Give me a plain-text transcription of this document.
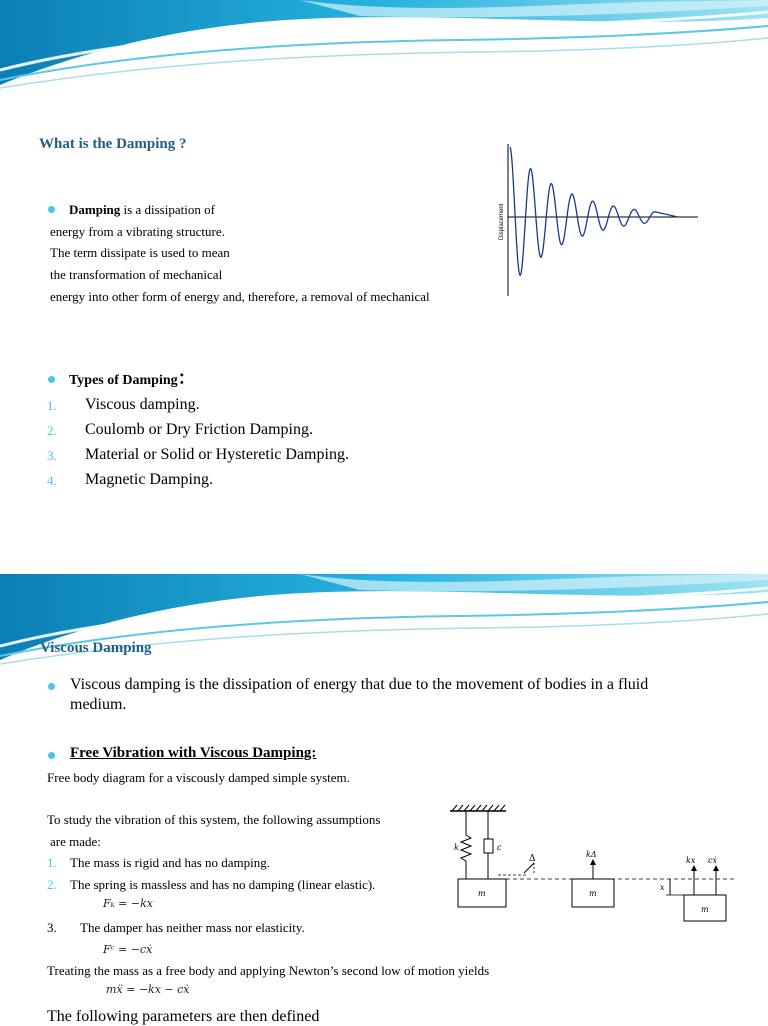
What is the Damping ?
Damping is a dissipation of
energy from a vibrating structure.
The term dissipate is used to mean
the transformation of mechanical
energy into other form of energy and, therefore, a removal of mechanical
Displacement
Types of Damping：
1. Viscous damping.
2. Coulomb or Dry Friction Damping.
3. Material or Solid or Hysteretic Damping.
4. Magnetic Damping.
Viscous Damping
Viscous damping is the dissipation of energy that due to the movement of bodies in a fluid
medium.
Free Vibration with Viscous Damping:
Free body diagram for a viscously damped simple system.
To study the vibration of this system, the following assumptions
are made:
1. The mass is rigid and has no damping.
2. The spring is massless and has no damping (linear elastic).
Fₖ = −kx
3. The damper has neither mass nor elasticity.
Fᶜ = −cẋ
Treating the mass as a free body and applying Newton’s second low of motion yields
mẍ = −kx − cẋ
The following parameters are then defined
k	c
m
Δ
m
kΔ
m
kx cẋ
x
